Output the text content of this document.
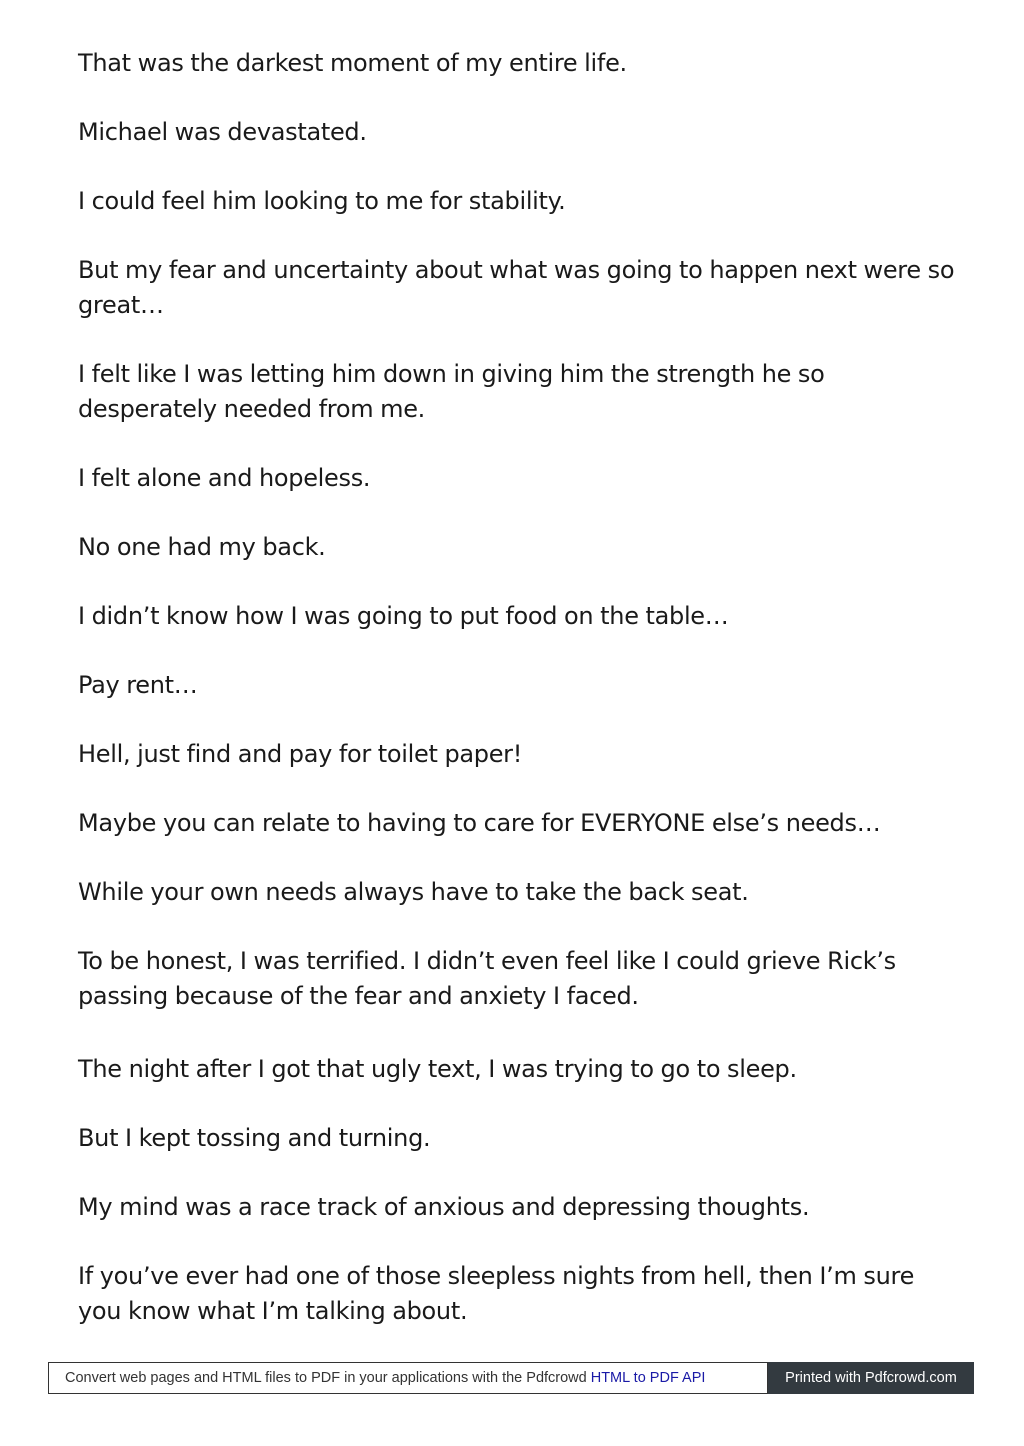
That was the darkest moment of my entire life.

Michael was devastated.

I could feel him looking to me for stability.

But my fear and uncertainty about what was going to happen next were so great…

I felt like I was letting him down in giving him the strength he so desperately needed from me.

I felt alone and hopeless.

No one had my back.

I didn’t know how I was going to put food on the table…

Pay rent…

Hell, just find and pay for toilet paper!

Maybe you can relate to having to care for EVERYONE else’s needs…

While your own needs always have to take the back seat.

To be honest, I was terrified. I didn’t even feel like I could grieve Rick’s passing because of the fear and anxiety I faced.

The night after I got that ugly text, I was trying to go to sleep.

But I kept tossing and turning.

My mind was a race track of anxious and depressing thoughts.

If you’ve ever had one of those sleepless nights from hell, then I’m sure you know what I’m talking about.

Convert web pages and HTML files to PDF in your applications with the Pdfcrowd HTML to PDF API	Printed with Pdfcrowd.com
